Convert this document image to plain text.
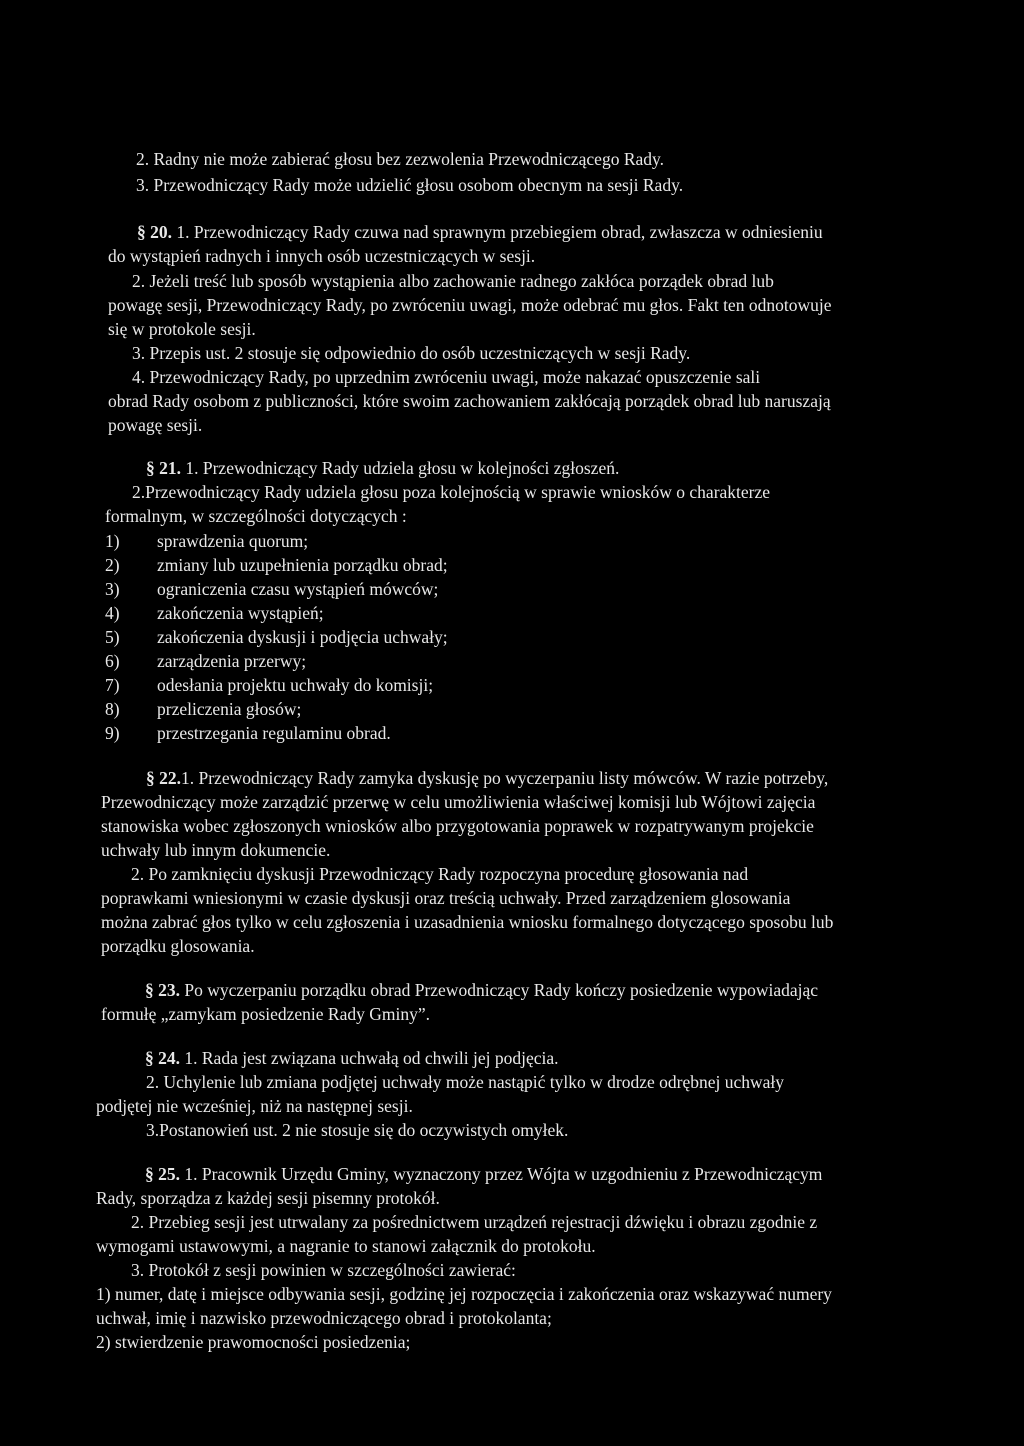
2. Radny nie może zabierać głosu bez zezwolenia Przewodniczącego Rady.
3. Przewodniczący Rady może udzielić głosu osobom obecnym na sesji Rady.
§ 20. 1. Przewodniczący Rady czuwa nad sprawnym przebiegiem obrad, zwłaszcza w odniesieniu
do wystąpień radnych i innych osób uczestniczących w sesji.
2. Jeżeli treść lub sposób wystąpienia albo zachowanie radnego zakłóca porządek obrad lub
powagę sesji, Przewodniczący Rady, po zwróceniu uwagi, może odebrać mu głos. Fakt ten odnotowuje
się w protokole sesji.
3. Przepis ust. 2 stosuje się odpowiednio do osób uczestniczących w sesji Rady.
4. Przewodniczący Rady, po uprzednim zwróceniu uwagi, może nakazać opuszczenie sali
obrad Rady osobom z publiczności, które swoim zachowaniem zakłócają porządek obrad lub naruszają
powagę sesji.
§ 21. 1. Przewodniczący Rady udziela głosu w kolejności zgłoszeń.
2.Przewodniczący Rady udziela głosu poza kolejnością w sprawie wniosków o charakterze
formalnym, w szczególności dotyczących :
1) sprawdzenia quorum;
2) zmiany lub uzupełnienia porządku obrad;
3) ograniczenia czasu wystąpień mówców;
4) zakończenia wystąpień;
5) zakończenia dyskusji i podjęcia uchwały;
6) zarządzenia przerwy;
7) odesłania projektu uchwały do komisji;
8) przeliczenia głosów;
9) przestrzegania regulaminu obrad.
§ 22.1. Przewodniczący Rady zamyka dyskusję po wyczerpaniu listy mówców. W razie potrzeby,
Przewodniczący może zarządzić przerwę w celu umożliwienia właściwej komisji lub Wójtowi zajęcia
stanowiska wobec zgłoszonych wniosków albo przygotowania poprawek w rozpatrywanym projekcie
uchwały lub innym dokumencie.
2. Po zamknięciu dyskusji Przewodniczący Rady rozpoczyna procedurę głosowania nad
poprawkami wniesionymi w czasie dyskusji oraz treścią uchwały. Przed zarządzeniem glosowania
można zabrać głos tylko w celu zgłoszenia i uzasadnienia wniosku formalnego dotyczącego sposobu lub
porządku glosowania.
§ 23. Po wyczerpaniu porządku obrad Przewodniczący Rady kończy posiedzenie wypowiadając
formułę „zamykam posiedzenie Rady Gminy”.
§ 24. 1. Rada jest związana uchwałą od chwili jej podjęcia.
2. Uchylenie lub zmiana podjętej uchwały może nastąpić tylko w drodze odrębnej uchwały
podjętej nie wcześniej, niż na następnej sesji.
3.Postanowień ust. 2 nie stosuje się do oczywistych omyłek.
§ 25. 1. Pracownik Urzędu Gminy, wyznaczony przez Wójta w uzgodnieniu z Przewodniczącym
Rady, sporządza z każdej sesji pisemny protokół.
2. Przebieg sesji jest utrwalany za pośrednictwem urządzeń rejestracji dźwięku i obrazu zgodnie z
wymogami ustawowymi, a nagranie to stanowi załącznik do protokołu.
3. Protokół z sesji powinien w szczególności zawierać:
1) numer, datę i miejsce odbywania sesji, godzinę jej rozpoczęcia i zakończenia oraz wskazywać numery
uchwał, imię i nazwisko przewodniczącego obrad i protokolanta;
2) stwierdzenie prawomocności posiedzenia;
